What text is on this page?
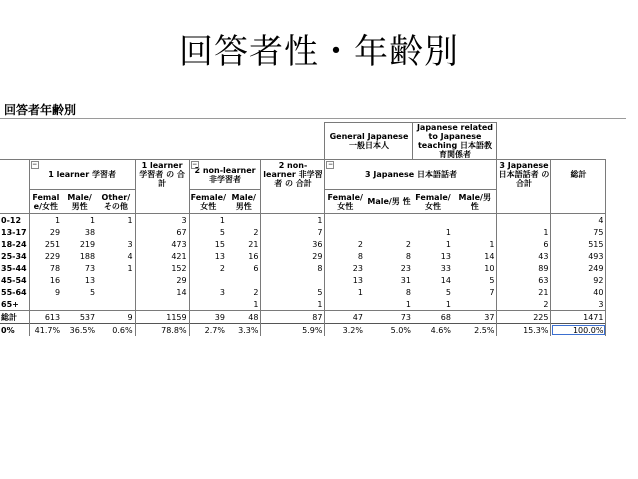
回答者性・年齢別
回答者年齢別
								General Japanese 一般日本人		Japanese related to Japanese teaching 日本語教育関係者			

	−
1 learner 学習者			1 learner 学習者 の 合計	−
2 non-learner 非学習者		2 non-learner 非学習者 の 合計	−
3 Japanese 日本語話者				3 Japanese 日本語話者 の合計	総計
	Femal e/女性	Male/ 男性	Other/ その他		Female/ 女性	Male/ 男性		Female/ 女性	Male/男 性	Female/ 女性	Male/男 性		
0-12	1	1	1	3	1		1						4
13-17	29	38		67	5	2	7			1		1	75
18-24	251	219	3	473	15	21	36	2	2	1	1	6	515
25-34	229	188	4	421	13	16	29	8	8	13	14	43	493
35-44	78	73	1	152	2	6	8	23	23	33	10	89	249
45-54	16	13		29				13	31	14	5	63	92
55-64	9	5		14	3	2	5	1	8	5	7	21	40
65+						1	1		1	1		2	3
総計	613	537	9	1159	39	48	87	47	73	68	37	225	1471
0%	41.7%	36.5%	0.6%	78.8%	2.7%	3.3%	5.9%	3.2%	5.0%	4.6%	2.5%	15.3%	100.0%
